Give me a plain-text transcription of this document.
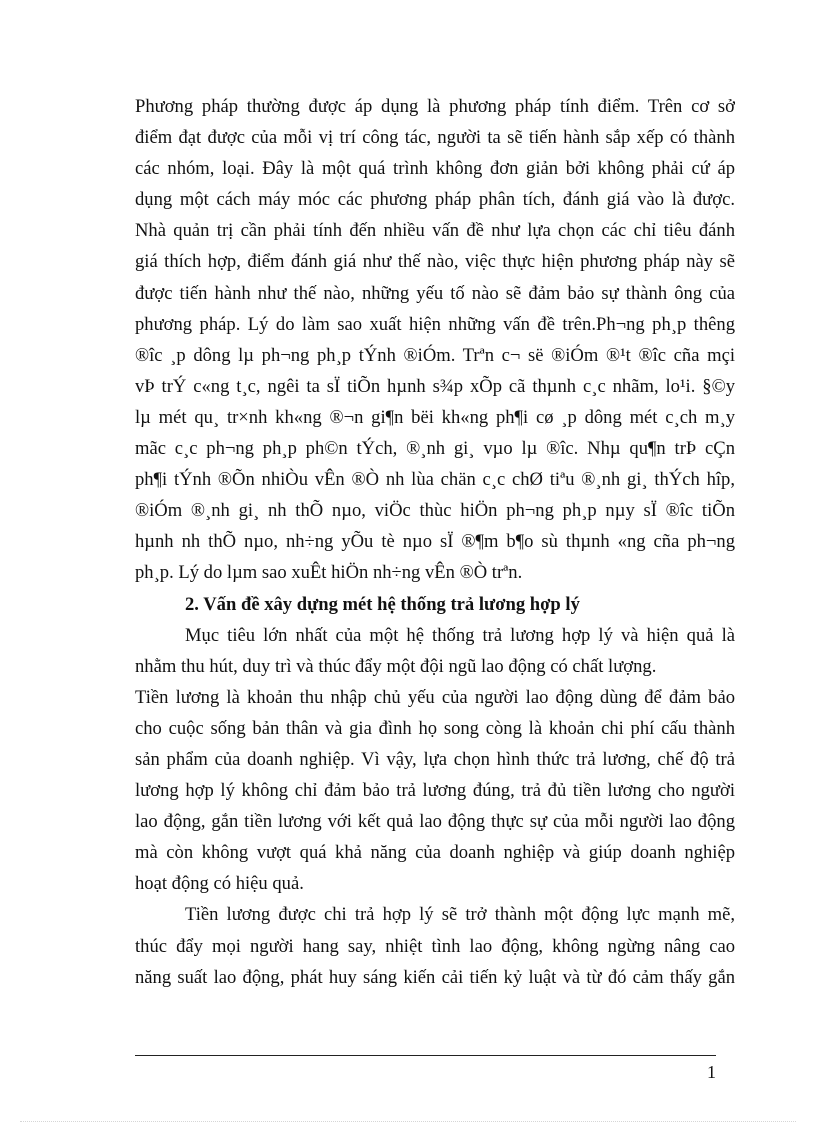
Phương pháp thường được áp dụng là phương pháp tính điểm. Trên cơ sở
điểm đạt được của mỗi vị trí công tác, người ta sẽ tiến hành sắp xếp có thành
các nhóm, loại. Đây là một quá trình không đơn giản bởi không phải cứ áp
dụng một cách máy móc các phương pháp phân tích, đánh giá vào là được.
Nhà quản trị cần phải tính đến nhiều vấn đề như lựa chọn các chỉ tiêu đánh
giá thích hợp, điểm đánh giá như thế nào, việc thực hiện phương pháp này sẽ
được tiến hành như thế nào, những yếu tố nào sẽ đảm bảo sự thành ông của
phương pháp. Lý do làm sao xuất hiện những vấn đề trên.Ph¬ng ph¸p thêng
®îc ¸p dông lµ ph¬ng ph¸p tÝnh ®iÓm. Trªn c¬ së ®iÓm ®¹t ®îc cña mçi
vÞ trÝ c«ng t¸c, ngêi ta sÏ tiÕn hµnh s¾p xÕp cã thµnh c¸c nhãm, lo¹i. §©y
lµ mét qu¸ tr×nh kh«ng ®¬n gi¶n bëi kh«ng ph¶i cø ¸p dông mét c¸ch m¸y
mãc c¸c ph¬ng ph¸p ph©n tÝch, ®¸nh gi¸ vµo lµ ®îc. Nhµ qu¶n trÞ cÇn
ph¶i tÝnh ®Õn nhiÒu vÊn ®Ò nh lùa chän c¸c chØ tiªu ®¸nh gi¸ thÝch hîp,
®iÓm ®¸nh gi¸ nh thÕ nµo, viÖc thùc hiÖn ph¬ng ph¸p nµy sÏ ®îc tiÕn
hµnh nh thÕ nµo, nh÷ng yÕu tè nµo sÏ ®¶m b¶o sù thµnh «ng cña ph¬ng
ph¸p. Lý do lµm sao xuÊt hiÖn nh÷ng vÊn ®Ò trªn.
2. Vấn đề xây dựng mét hệ thống trả lương hợp lý
Mục tiêu lớn nhất của một hệ thống trả lương hợp lý và hiện quả là
nhằm thu hút, duy trì và thúc đẩy một đội ngũ lao động có chất lượng.
Tiền lương là khoản thu nhập chủ yếu của người lao động dùng để đảm bảo
cho cuộc sống bản thân và gia đình họ song còng là khoản chi phí cấu thành
sản phẩm của doanh nghiệp. Vì vậy, lựa chọn hình thức trả lương, chế độ trả
lương hợp lý không chỉ đảm bảo trả lương đúng, trả đủ tiền lương cho người
lao động, gắn tiền lương với kết quả lao động thực sự của mỗi người lao động
mà còn không vượt quá khả năng của doanh nghiệp và giúp doanh nghiệp
hoạt động có hiệu quả.
Tiền lương được chi trả hợp lý sẽ trở thành một động lực mạnh mẽ,
thúc đẩy mọi người hang say, nhiệt tình lao động, không ngừng nâng cao
năng suất lao động, phát huy sáng kiến cải tiến kỷ luật và từ đó cảm thấy gắn
1
